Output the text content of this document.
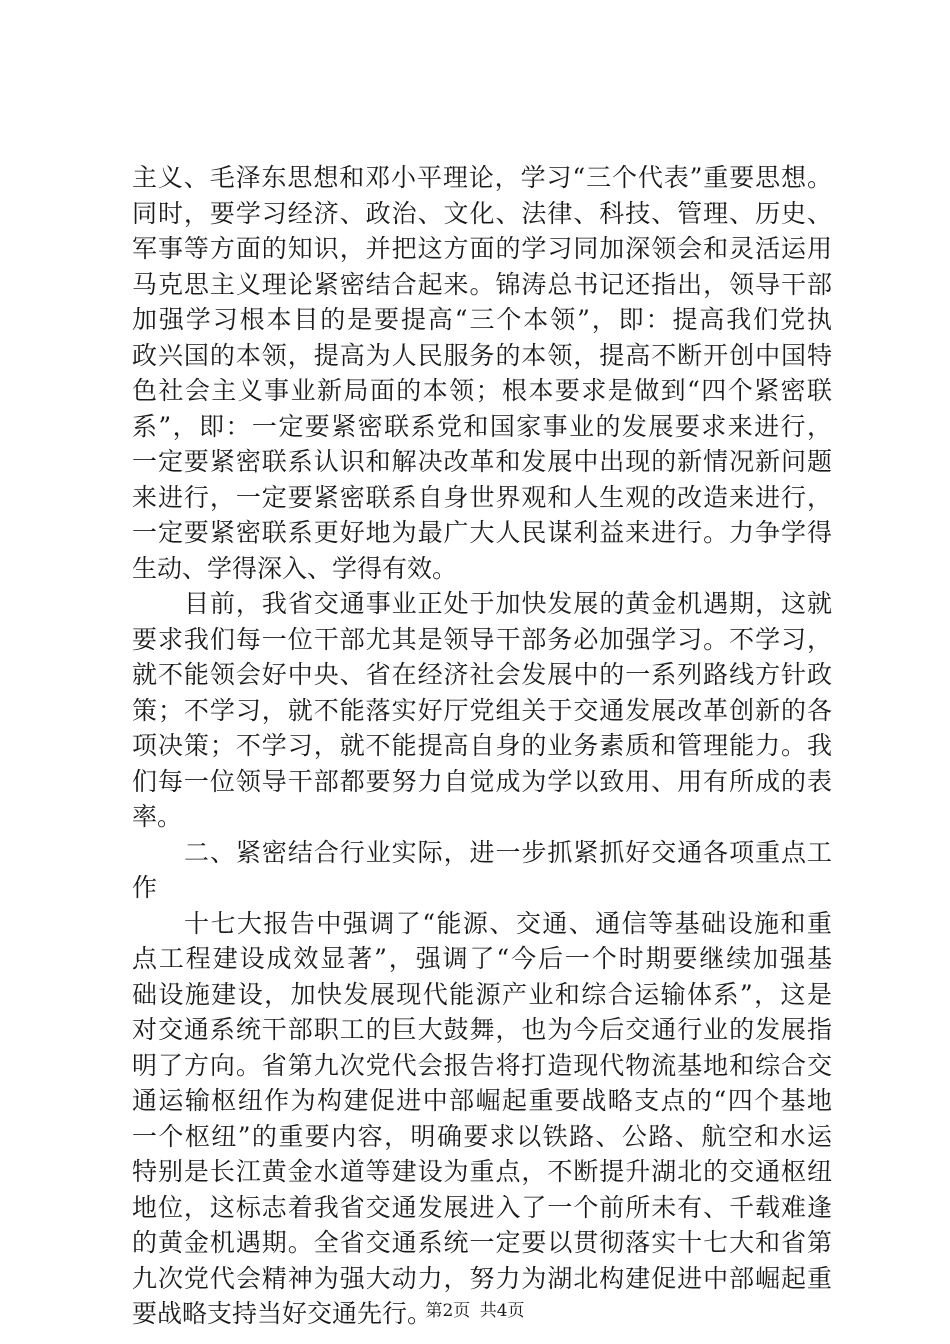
主义、毛泽东思想和邓小平理论，学习“三个代表”重要思想。
同时，要学习经济、政治、文化、法律、科技、管理、历史、
军事等方面的知识，并把这方面的学习同加深领会和灵活运用
马克思主义理论紧密结合起来。锦涛总书记还指出，领导干部
加强学习根本目的是要提高“三个本领”，即：提高我们党执
政兴国的本领，提高为人民服务的本领，提高不断开创中国特
色社会主义事业新局面的本领；根本要求是做到“四个紧密联
系”，即：一定要紧密联系党和国家事业的发展要求来进行，
一定要紧密联系认识和解决改革和发展中出现的新情况新问题
来进行，一定要紧密联系自身世界观和人生观的改造来进行，
一定要紧密联系更好地为最广大人民谋利益来进行。力争学得
生动、学得深入、学得有效。
目前，我省交通事业正处于加快发展的黄金机遇期，这就
要求我们每一位干部尤其是领导干部务必加强学习。不学习，
就不能领会好中央、省在经济社会发展中的一系列路线方针政
策；不学习，就不能落实好厅党组关于交通发展改革创新的各
项决策；不学习，就不能提高自身的业务素质和管理能力。我
们每一位领导干部都要努力自觉成为学以致用、用有所成的表
率。
二、紧密结合行业实际，进一步抓紧抓好交通各项重点工
作
十七大报告中强调了“能源、交通、通信等基础设施和重
点工程建设成效显著”，强调了“今后一个时期要继续加强基
础设施建设，加快发展现代能源产业和综合运输体系”，这是
对交通系统干部职工的巨大鼓舞，也为今后交通行业的发展指
明了方向。省第九次党代会报告将打造现代物流基地和综合交
通运输枢纽作为构建促进中部崛起重要战略支点的“四个基地
一个枢纽”的重要内容，明确要求以铁路、公路、航空和水运
特别是长江黄金水道等建设为重点，不断提升湖北的交通枢纽
地位，这标志着我省交通发展进入了一个前所未有、千载难逢
的黄金机遇期。全省交通系统一定要以贯彻落实十七大和省第
九次党代会精神为强大动力，努力为湖北构建促进中部崛起重
要战略支持当好交通先行。
第2页 共4页
